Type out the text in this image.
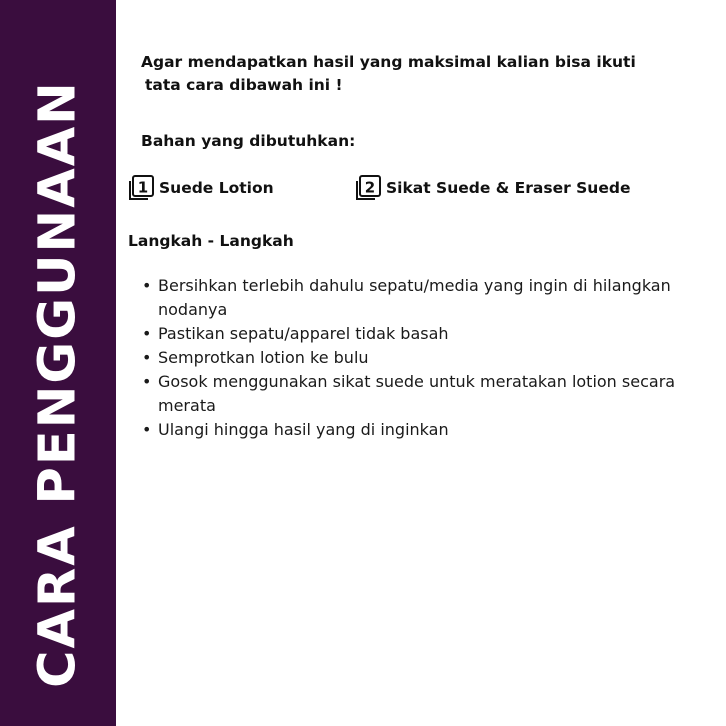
CARA PENGGUNAAN
Agar mendapatkan hasil yang maksimal kalian bisa ikuti
tata cara dibawah ini !
Bahan yang dibutuhkan:
1 Suede Lotion	2 Sikat Suede & Eraser Suede
Langkah - Langkah
• Bersihkan terlebih dahulu sepatu/media yang ingin di hilangkan nodanya
• Pastikan sepatu/apparel tidak basah
• Semprotkan lotion ke bulu
• Gosok menggunakan sikat suede untuk meratakan lotion secara merata
• Ulangi hingga hasil yang di inginkan
